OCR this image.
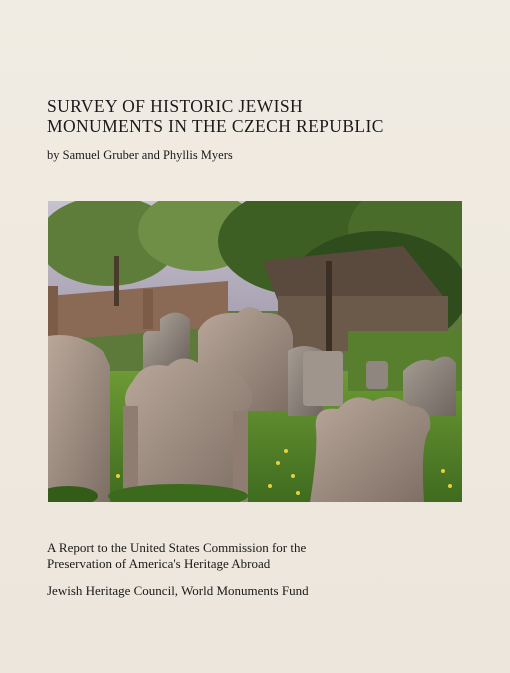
SURVEY OF HISTORIC JEWISH
MONUMENTS IN THE CZECH REPUBLIC

by Samuel Gruber and Phyllis Myers

A Report to the United States Commission for the
Preservation of America's Heritage Abroad

Jewish Heritage Council, World Monuments Fund
